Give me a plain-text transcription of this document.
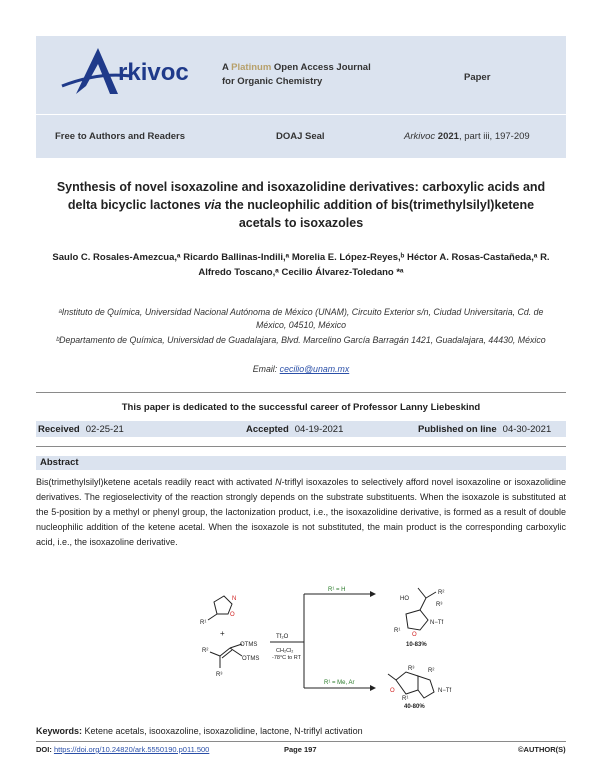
rkivoc	A Platinum Open Access Journal
for Organic Chemistry	Paper
Free to Authors and Readers	DOAJ Seal	Arkivoc 2021, part iii, 197-209
Synthesis of novel isoxazoline and isoxazolidine derivatives: carboxylic acids and
delta bicyclic lactones via the nucleophilic addition of bis(trimethylsilyl)ketene
acetals to isoxazoles
Saulo C. Rosales-Amezcua,ᵃ Ricardo Ballinas-Indili,ᵃ Morelia E. López-Reyes,ᵇ Héctor A. Rosas-Castañeda,ᵃ R.
Alfredo Toscano,ᵃ Cecilio Álvarez-Toledano *ᵃ
ᵃInstituto de Química, Universidad Nacional Autónoma de México (UNAM), Circuito Exterior s/n, Ciudad Universitaria, Cd. de México, 04510, México
ᵇDepartamento de Química, Universidad de Guadalajara, Blvd. Marcelino García Barragán 1421, Guadalajara, 44430, México
Email: cecilio@unam.mx
This paper is dedicated to the successful career of Professor Lanny Liebeskind
Received 02-25-21	Accepted 04-19-2021	Published on line 04-30-2021
Abstract
Bis(trimethylsilyl)ketene acetals readily react with activated N-triflyl isoxazoles to selectively afford novel isoxazoline or isoxazolidine derivatives. The regioselectivity of the reaction strongly depends on the substrate substituents. When the isoxazole is substituted at the 5-position by a methyl or phenyl group, the lactonization product, i.e., the isoxazolidine derivative, is formed as a result of double nucleophilic addition of the ketene acetal. When the isoxazole is not substituted, the main product is the corresponding carboxylic acid, i.e., the isoxazoline derivative.
N
O
R¹
+
OTMS
OTMS
R²
R³
Tf₂O
CH₂Cl₂
-78°C to RT
R¹ = H
R¹ = Me, Ar
HO
R²
R³
N−Tf
O
R¹
10-83%
R³ R²
N−Tf
O
R¹
40-80%
Keywords: Ketene acetals, isooxazoline, isoxazolidine, lactone, N-triflyl activation
DOI: https://doi.org/10.24820/ark.5550190.p011.500	Page 197	©AUTHOR(S)
